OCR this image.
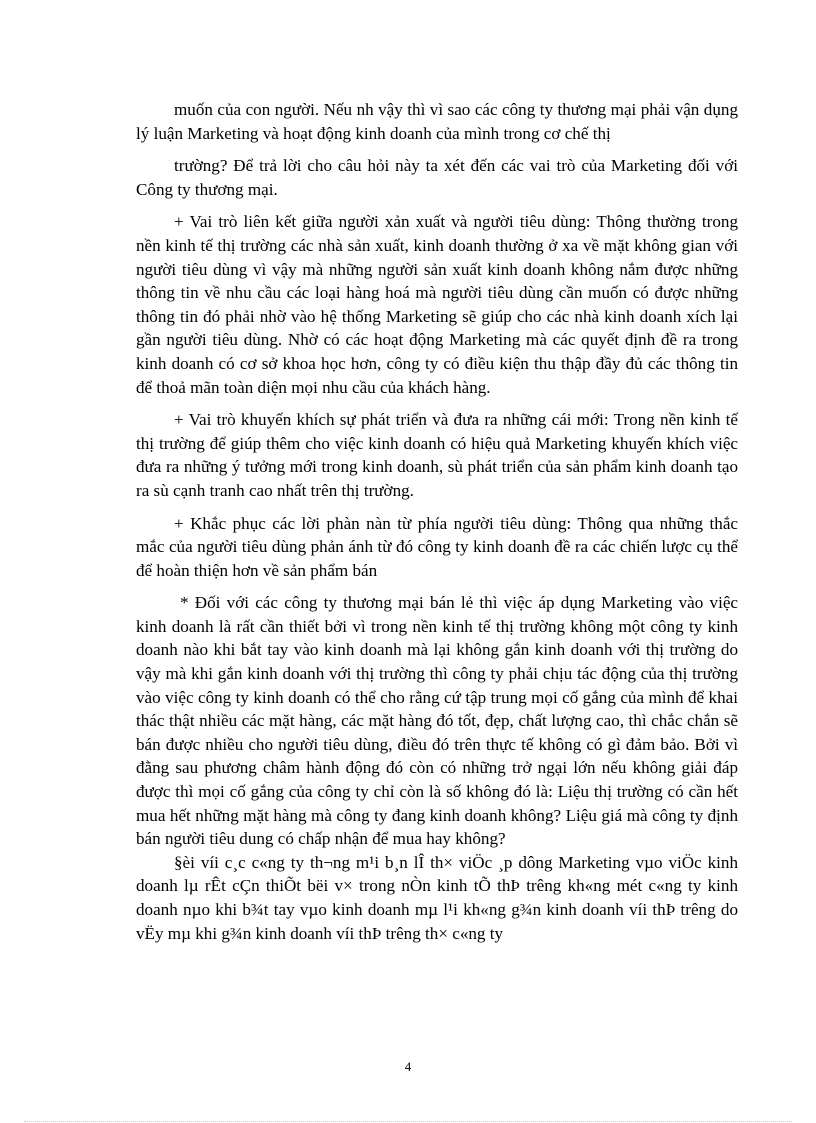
muốn của con người. Nếu nh vậy thì vì sao các công ty thương mại phải vận dụng lý luận Marketing và hoạt động kinh doanh của mình trong cơ chế thị

trường? Để trả lời cho câu hỏi này ta xét đến các vai trò của Marketing đối với Công ty thương mại.

+ Vai trò liên kết giữa người xản xuất và người tiêu dùng: Thông thường trong nền kinh tế thị trường các nhà sản xuất, kinh doanh thường ở xa về mặt không gian với người tiêu dùng vì vậy mà những người sản xuất kinh doanh không nắm được những thông tin về nhu cầu các loại hàng hoá mà người tiêu dùng cần muốn có được những thông tin đó phải nhờ vào hệ thống Marketing sẽ giúp cho các nhà kinh doanh xích lại gần người tiêu dùng. Nhờ có các hoạt động Marketing mà các quyết định đề ra trong kinh doanh có cơ sở khoa học hơn, công ty có điều kiện thu thập đầy đủ các thông tin để thoả mãn toàn diện mọi nhu cầu của khách hàng.

+ Vai trò khuyến khích sự phát triển và đưa ra những cái mới: Trong nền kinh tế thị trường để giúp thêm cho việc kinh doanh có hiệu quả Marketing khuyến khích việc đưa ra những ý tưởng mới trong kinh doanh, sù phát triển của sản phẩm kinh doanh tạo ra sù cạnh tranh cao nhất trên thị trường.

+ Khắc phục các lời phàn nàn từ phía người tiêu dùng: Thông qua những thắc mắc của người tiêu dùng phản ánh từ đó công ty kinh doanh đề ra các chiến lược cụ thể để hoàn thiện hơn về sản phẩm bán

* Đối với các công ty thương mại bán lẻ thì việc áp dụng Marketing vào việc kinh doanh là rất cần thiết bởi vì trong nền kinh tế thị trường không một công ty kinh doanh nào khi bắt tay vào kinh doanh mà lại không gắn kinh doanh với thị trường do vậy mà khi gắn kinh doanh với thị trường thì công ty phải chịu tác động của thị trường vào việc công ty kinh doanh có thể cho rằng cứ tập trung mọi cố gắng của mình để khai thác thật nhiều các mặt hàng, các mặt hàng đó tốt, đẹp, chất lượng cao, thì chắc chắn sẽ bán được nhiều cho người tiêu dùng, điều đó trên thực tế không có gì đảm bảo. Bởi vì đằng sau phương châm hành động đó còn có những trở ngại lớn nếu không giải đáp được thì mọi cố gắng của công ty chỉ còn là số không đó là: Liệu thị trường có cần hết mua hết những mặt hàng mà công ty đang kinh doanh không? Liệu giá mà công ty định bán người tiêu dung có chấp nhận để mua hay không?

§èi víi c¸c c«ng ty th¬ng m¹i b¸n lÎ th× viÖc ¸p dông Marketing vµo viÖc kinh doanh lµ rÊt cÇn thiÕt bëi v× trong nÒn kinh tÕ thÞ trêng kh«ng mét c«ng ty kinh doanh nµo khi b¾t tay vµo kinh doanh mµ l¹i kh«ng g¾n kinh doanh víi thÞ trêng do vËy mµ khi g¾n kinh doanh víi thÞ trêng th× c«ng ty

4
